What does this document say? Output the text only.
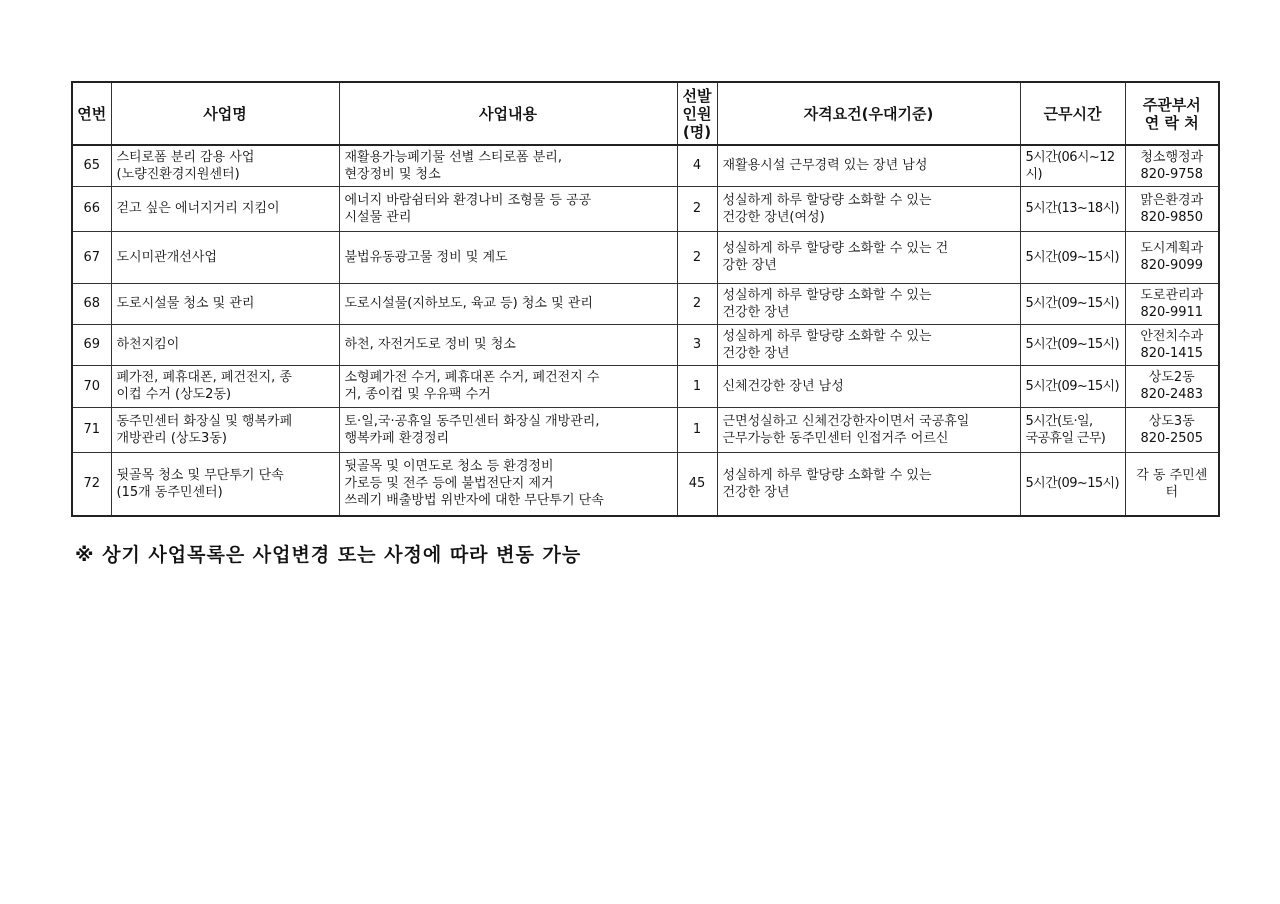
연번	사업명	사업내용	선발
인원
(명)	자격요건(우대기준)	근무시간	주관부서
연 락 처
65	스티로폼 분리 감용 사업
(노량진환경지원센터)	재활용가능폐기물 선별 스티로폼 분리,
현장정비 및 청소	4	재활용시설 근무경력 있는 장년 남성	5시간(06시~12시)	청소행정과
820-9758
66	걷고 싶은 에너지거리 지킴이	에너지 바람쉼터와 환경나비 조형물 등 공공
시설물 관리	2	성실하게 하루 할당량 소화할 수 있는
건강한 장년(여성)	5시간(13~18시)	맑은환경과
820-9850
67	도시미관개선사업	불법유동광고물 정비 및 계도	2	성실하게 하루 할당량 소화할 수 있는 건
강한 장년	5시간(09~15시)	도시계획과
820-9099
68	도로시설물 청소 및 관리	도로시설물(지하보도, 육교 등) 청소 및 관리	2	성실하게 하루 할당량 소화할 수 있는
건강한 장년	5시간(09~15시)	도로관리과
820-9911
69	하천지킴이	하천, 자전거도로 정비 및 청소	3	성실하게 하루 할당량 소화할 수 있는
건강한 장년	5시간(09~15시)	안전치수과
820-1415
70	폐가전, 폐휴대폰, 폐건전지, 종
이컵 수거 (상도2동)	소형폐가전 수거, 폐휴대폰 수거, 폐건전지 수
거, 종이컵 및 우유팩 수거	1	신체건강한 장년 남성	5시간(09~15시)	상도2동
820-2483
71	동주민센터 화장실 및 행복카페
개방관리 (상도3동)	토·일,국·공휴일 동주민센터 화장실 개방관리,
행복카페 환경정리	1	근면성실하고 신체건강한자이면서 국공휴일
근무가능한 동주민센터 인접거주 어르신	5시간(토·일,
국공휴일 근무)	상도3동
820-2505
72	뒷골목 청소 및 무단투기 단속
(15개 동주민센터)	뒷골목 및 이면도로 청소 등 환경정비
가로등 및 전주 등에 불법전단지 제거
쓰레기 배출방법 위반자에 대한 무단투기 단속	45	성실하게 하루 할당량 소화할 수 있는
건강한 장년	5시간(09~15시)	각 동 주민센터
※ 상기 사업목록은 사업변경 또는 사정에 따라 변동 가능
